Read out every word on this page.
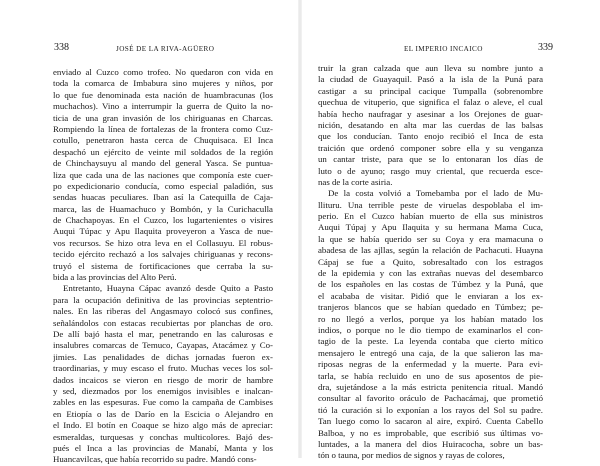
338	JOSÉ DE LA RIVA-AGÜERO
enviado al Cuzco como trofeo. No quedaron con vida en
toda la comarca de Imbabura sino mujeres y niños, por
lo que fue denominada esta nación de huambracunas (los
muchachos). Vino a interrumpir la guerra de Quito la no-
ticia de una gran invasión de los chiriguanas en Charcas.
Rompiendo la línea de fortalezas de la frontera como Cuz-
cotullo, penetraron hasta cerca de Chuquisaca. El Inca
despachó un ejército de veinte mil soldados de la región
de Chinchaysuyu al mando del general Yasca. Se puntua-
liza que cada una de las naciones que componía este cuer-
po expedicionario conducía, como especial paladión, sus
sendas huacas peculiares. Iban así la Catequilla de Caja-
marca, las de Huamachuco y Bombón, y la Curichaculla
de Chachapoyas. En el Cuzco, los lugartenientes o visires
Auqui Túpac y Apu Ilaquita proveyeron a Yasca de nue-
vos recursos. Se hizo otra leva en el Collasuyu. El robus-
tecido ejército rechazó a los salvajes chiriguanas y recons-
truyó el sistema de fortificaciones que cerraba la su-
bida a las provincias del Alto Perú.
Entretanto, Huayna Cápac avanzó desde Quito a Pasto
para la ocupación definitiva de las provincias septentrio-
nales. En las riberas del Angasmayo colocó sus confines,
señalándolos con estacas recubiertas por planchas de oro.
De allí bajó hasta el mar, penetrando en las calurosas e
insalubres comarcas de Temuco, Cayapas, Atacámez y Co-
jimies. Las penalidades de dichas jornadas fueron ex-
traordinarias, y muy escaso el fruto. Muchas veces los sol-
dados incaicos se vieron en riesgo de morir de hambre
y sed, diezmados por los enemigos invisibles e inalcan-
zables en las espesuras. Fue como la campaña de Cambises
en Etiopía o las de Darío en la Escicia o Alejandro en
el Indo. El botín en Coaque se hizo algo más de apreciar:
esmeraldas, turquesas y conchas multicolores. Bajó des-
pués el Inca a las provincias de Manabí, Manta y los
Huancavilcas, que había recorrido su padre. Mandó cons-
EL IMPERIO INCAICO	339
truir la gran calzada que aun lleva su nombre junto a
la ciudad de Guayaquil. Pasó a la isla de la Puná para
castigar a su principal cacique Tumpalla (sobrenombre
quechua de vituperio, que significa el falaz o aleve, el cual
había hecho naufragar y asesinar a los Orejones de guar-
nición, desatando en alta mar las cuerdas de las balsas
que los conducían. Tanto enojo recibió el Inca de esta
traición que ordenó componer sobre ella y su venganza
un cantar triste, para que se lo entonaran los días de
luto o de ayuno; rasgo muy criental, que recuerda esce-
nas de la corte asiria.
De la costa volvió a Tomebamba por el lado de Mu-
llituru. Una terrible peste de viruelas despoblaba el im-
perio. En el Cuzco habían muerto de ella sus ministros
Auqui Túpaj y Apu Ilaquita y su hermana Mama Cuca,
la que se había querido ser su Coya y era mamacuna o
abadesa de las ajllas, según la relación de Pachacuti. Huayna
Cápaj se fue a Quito, sobresaltado con los estragos
de la epidemia y con las extrañas nuevas del desembarco
de los españoles en las costas de Túmbez y la Puná, que
el acababa de visitar. Pidió que le enviaran a los ex-
tranjeros blancos que se habían quedado en Túmbez; pe-
ro no llegó a verlos, porque ya los habían matado los
indios, o porque no le dio tiempo de examinarlos el con-
tagio de la peste. La leyenda contaba que cierto mítico
mensajero le entregó una caja, de la que salieron las ma-
riposas negras de la enfermedad y la muerte. Para evi-
tarla, se había recluido en uno de sus aposentos de pie-
dra, sujetándose a la más estricta penitencia ritual. Mandó
consultar al favorito oráculo de Pachacámaj, que prometió
tió la curación si lo exponían a los rayos del Sol su padre.
Tan luego como lo sacaron al aire, expiró. Cuenta Cabello
Balboa, y no es improbable, que escribió sus últimas vo-
luntades, a la manera del dios Huiracocha, sobre un bas-
tón o tauna, por medios de signos y rayas de colores,
